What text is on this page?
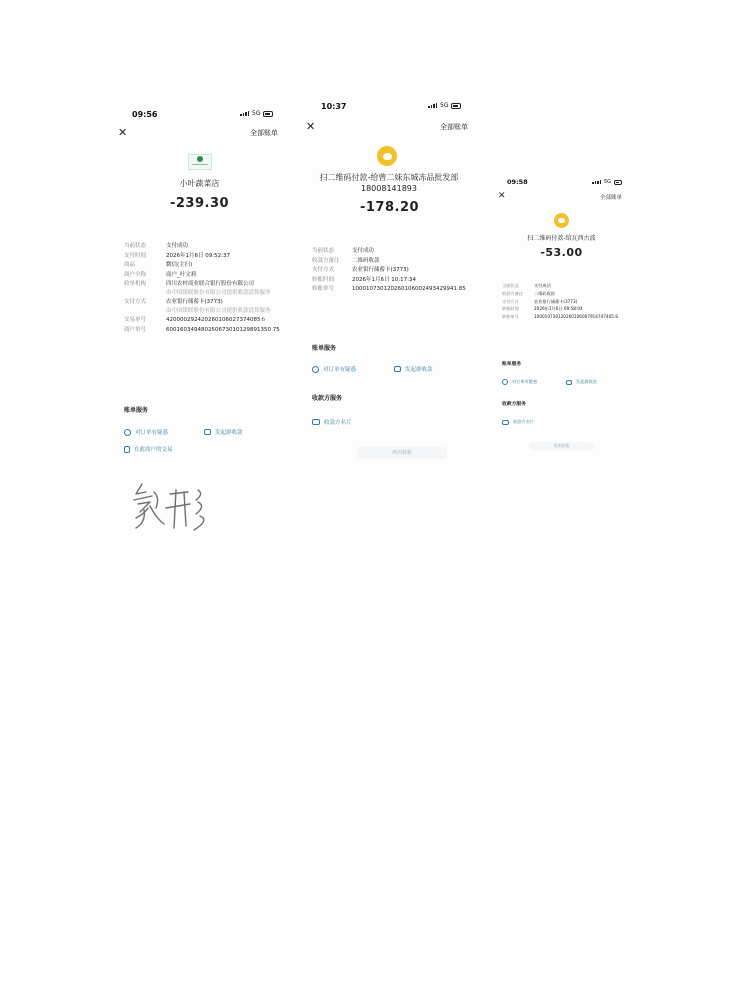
09:56	5G
✕	全部账单
小叶蔬菜店
-239.30
当前状态	支付成功
支付时间	2026年1月6日 09:52:37
商品	微信(主扫)
商户全称	商户_叶文莉
收单机构	四川农村商业联合银行股份有限公司
由中国银联股份有限公司提供收款清算服务
支付方式	农业银行储蓄卡(3773)
由中国银联股份有限公司提供收款清算服务
交易单号	420000292420260106027374085６
商户单号	600160349480250673010129891350 75
账单服务
对订单有疑惑	发起群收款
在此商户的交易
10:37	5G
✕	全部账单
扫二维码付款-给曾二妹东城冻品批发部18008141893
-178.20
当前状态	支付成功
收款方备注	二维码收款
支付方式	农业银行储蓄卡(3773)
转账时间	2026年1月6日 10:17:34
转账单号	100010730120260106002493429941 85
账单服务
对订单有疑惑	发起群收款
收款方服务
收款方名片
再次转账
09:58	5G
✕	全部账单
扫二维码付款-给瓦西古波
-53.00
当前状态	支付成功
收款方备注	二维码收款
支付方式	农业银行储蓄卡(3773)
转账时间	2026年1月6日 09:58:04
转账单号	100010730120260106007914747405 8
账单服务
对订单有疑惑	发起群收款
收款方服务
收款方名片
再次转账
